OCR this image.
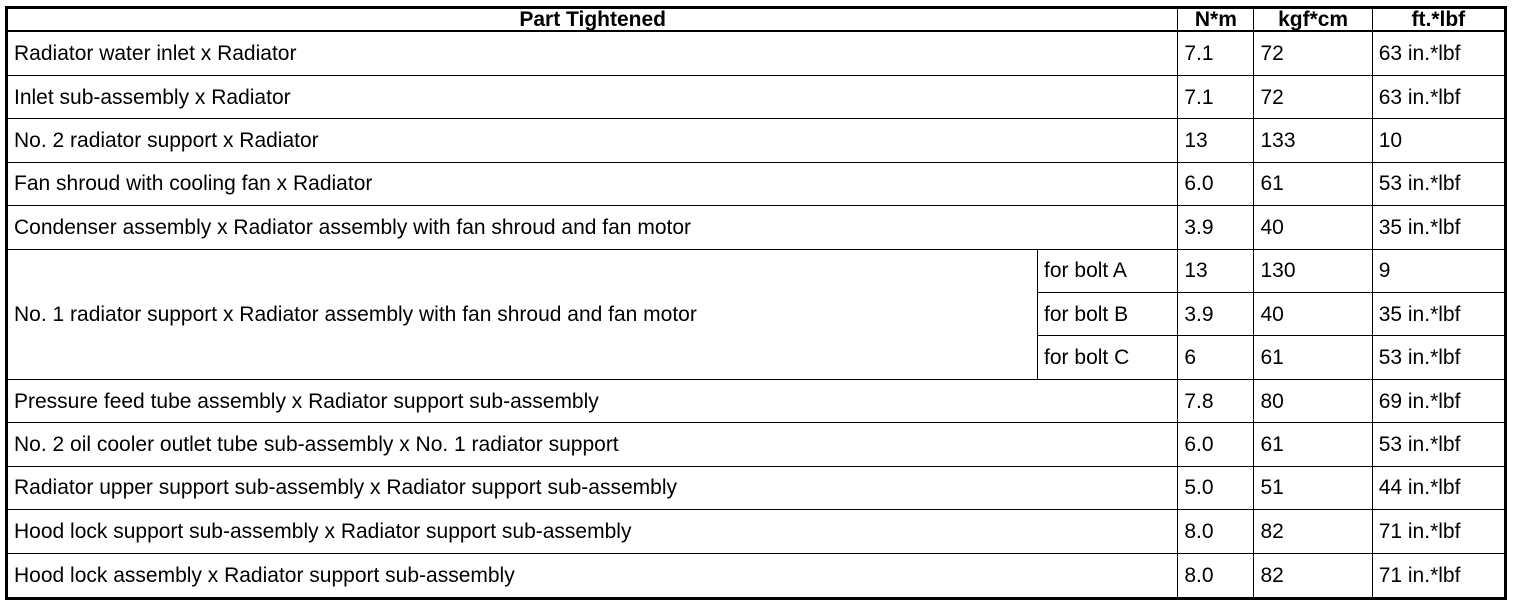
Part Tightened		N*m	kgf*cm	ft.*lbf
Radiator water inlet x Radiator		7.1	72	63 in.*lbf
Inlet sub-assembly x Radiator		7.1	72	63 in.*lbf
No. 2 radiator support x Radiator		13	133	10
Fan shroud with cooling fan x Radiator		6.0	61	53 in.*lbf
Condenser assembly x Radiator assembly with fan shroud and fan motor		3.9	40	35 in.*lbf
No. 1 radiator support x Radiator assembly with fan shroud and fan motor	for bolt A	13	130	9
	for bolt B	3.9	40	35 in.*lbf
	for bolt C	6	61	53 in.*lbf
Pressure feed tube assembly x Radiator support sub-assembly		7.8	80	69 in.*lbf
No. 2 oil cooler outlet tube sub-assembly x No. 1 radiator support		6.0	61	53 in.*lbf
Radiator upper support sub-assembly x Radiator support sub-assembly		5.0	51	44 in.*lbf
Hood lock support sub-assembly x Radiator support sub-assembly		8.0	82	71 in.*lbf
Hood lock assembly x Radiator support sub-assembly		8.0	82	71 in.*lbf
